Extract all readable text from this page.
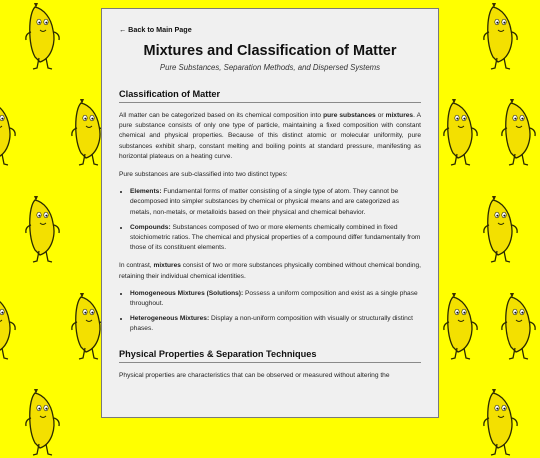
← Back to Main Page
Mixtures and Classification of Matter
Pure Substances, Separation Methods, and Dispersed Systems
Classification of Matter

All matter can be categorized based on its chemical composition into pure substances or mixtures. A pure substance consists of only one type of particle, maintaining a fixed composition with constant chemical and physical properties. Because of this distinct atomic or molecular uniformity, pure substances exhibit sharp, constant melting and boiling points at standard pressure, manifesting as horizontal plateaus on a heating curve.

Pure substances are sub-classified into two distinct types:

• Elements: Fundamental forms of matter consisting of a single type of atom. They cannot be decomposed into simpler substances by chemical or physical means and are categorized as metals, non-metals, or metalloids based on their physical and chemical behavior.
• Compounds: Substances composed of two or more elements chemically combined in fixed stoichiometric ratios. The chemical and physical properties of a compound differ fundamentally from those of its constituent elements.

In contrast, mixtures consist of two or more substances physically combined without chemical bonding, retaining their individual chemical identities.

• Homogeneous Mixtures (Solutions): Possess a uniform composition and exist as a single phase throughout.
• Heterogeneous Mixtures: Display a non-uniform composition with visually or structurally distinct phases.
Physical Properties & Separation Techniques

Physical properties are characteristics that can be observed or measured without altering the
